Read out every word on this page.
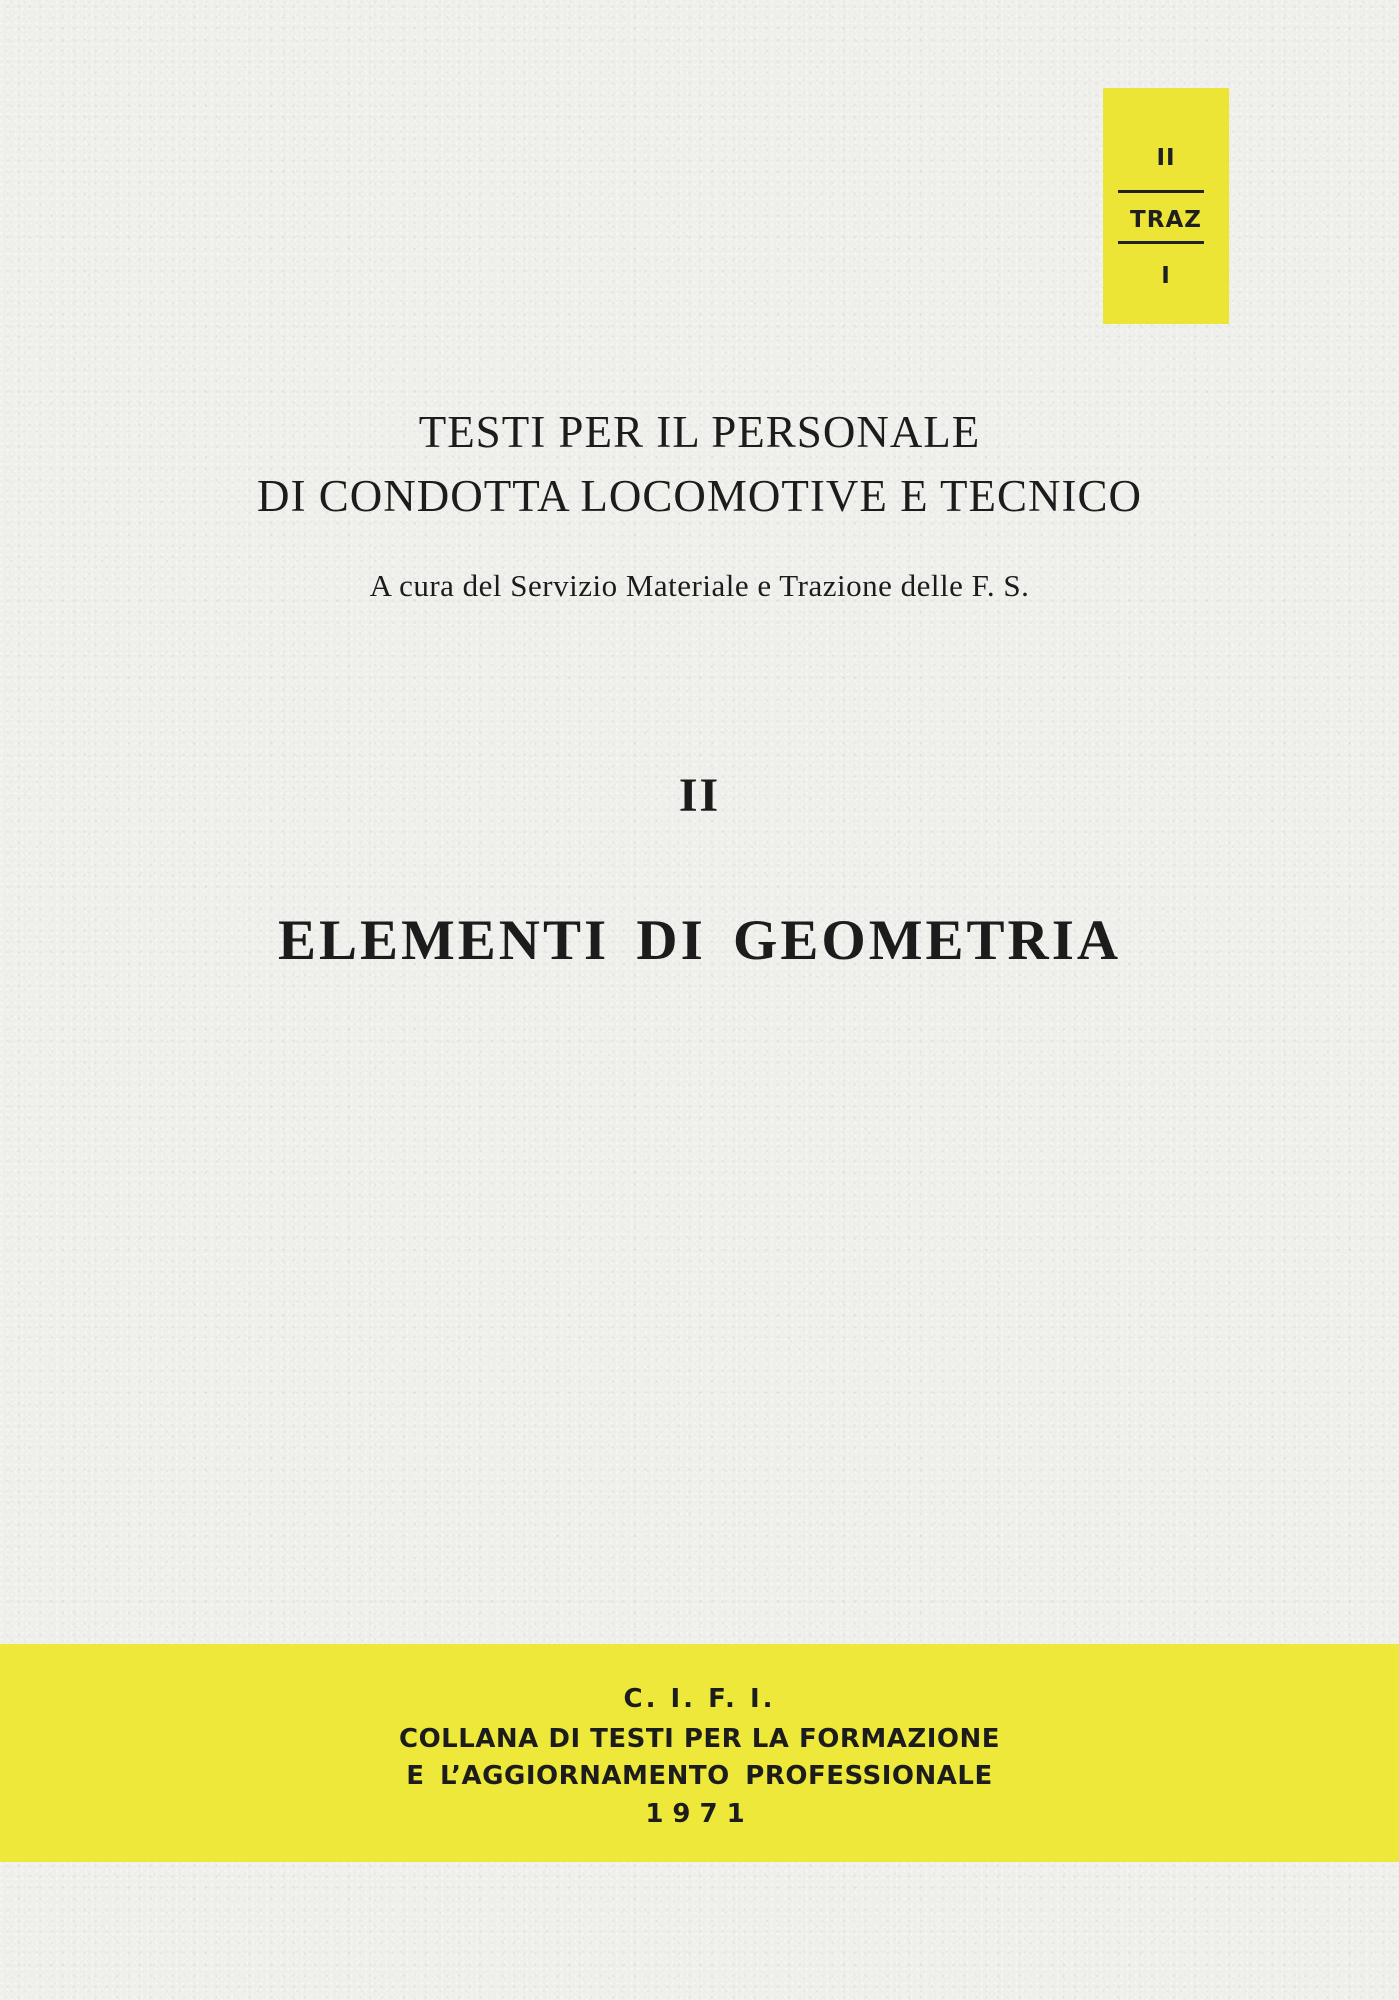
II
TRAZ
I
TESTI PER IL PERSONALE
DI CONDOTTA LOCOMOTIVE E TECNICO

A cura del Servizio Materiale e Trazione delle F. S.

II
ELEMENTI DI GEOMETRIA
C. I. F. I.
COLLANA DI TESTI PER LA FORMAZIONE
E L’AGGIORNAMENTO PROFESSIONALE
1971
